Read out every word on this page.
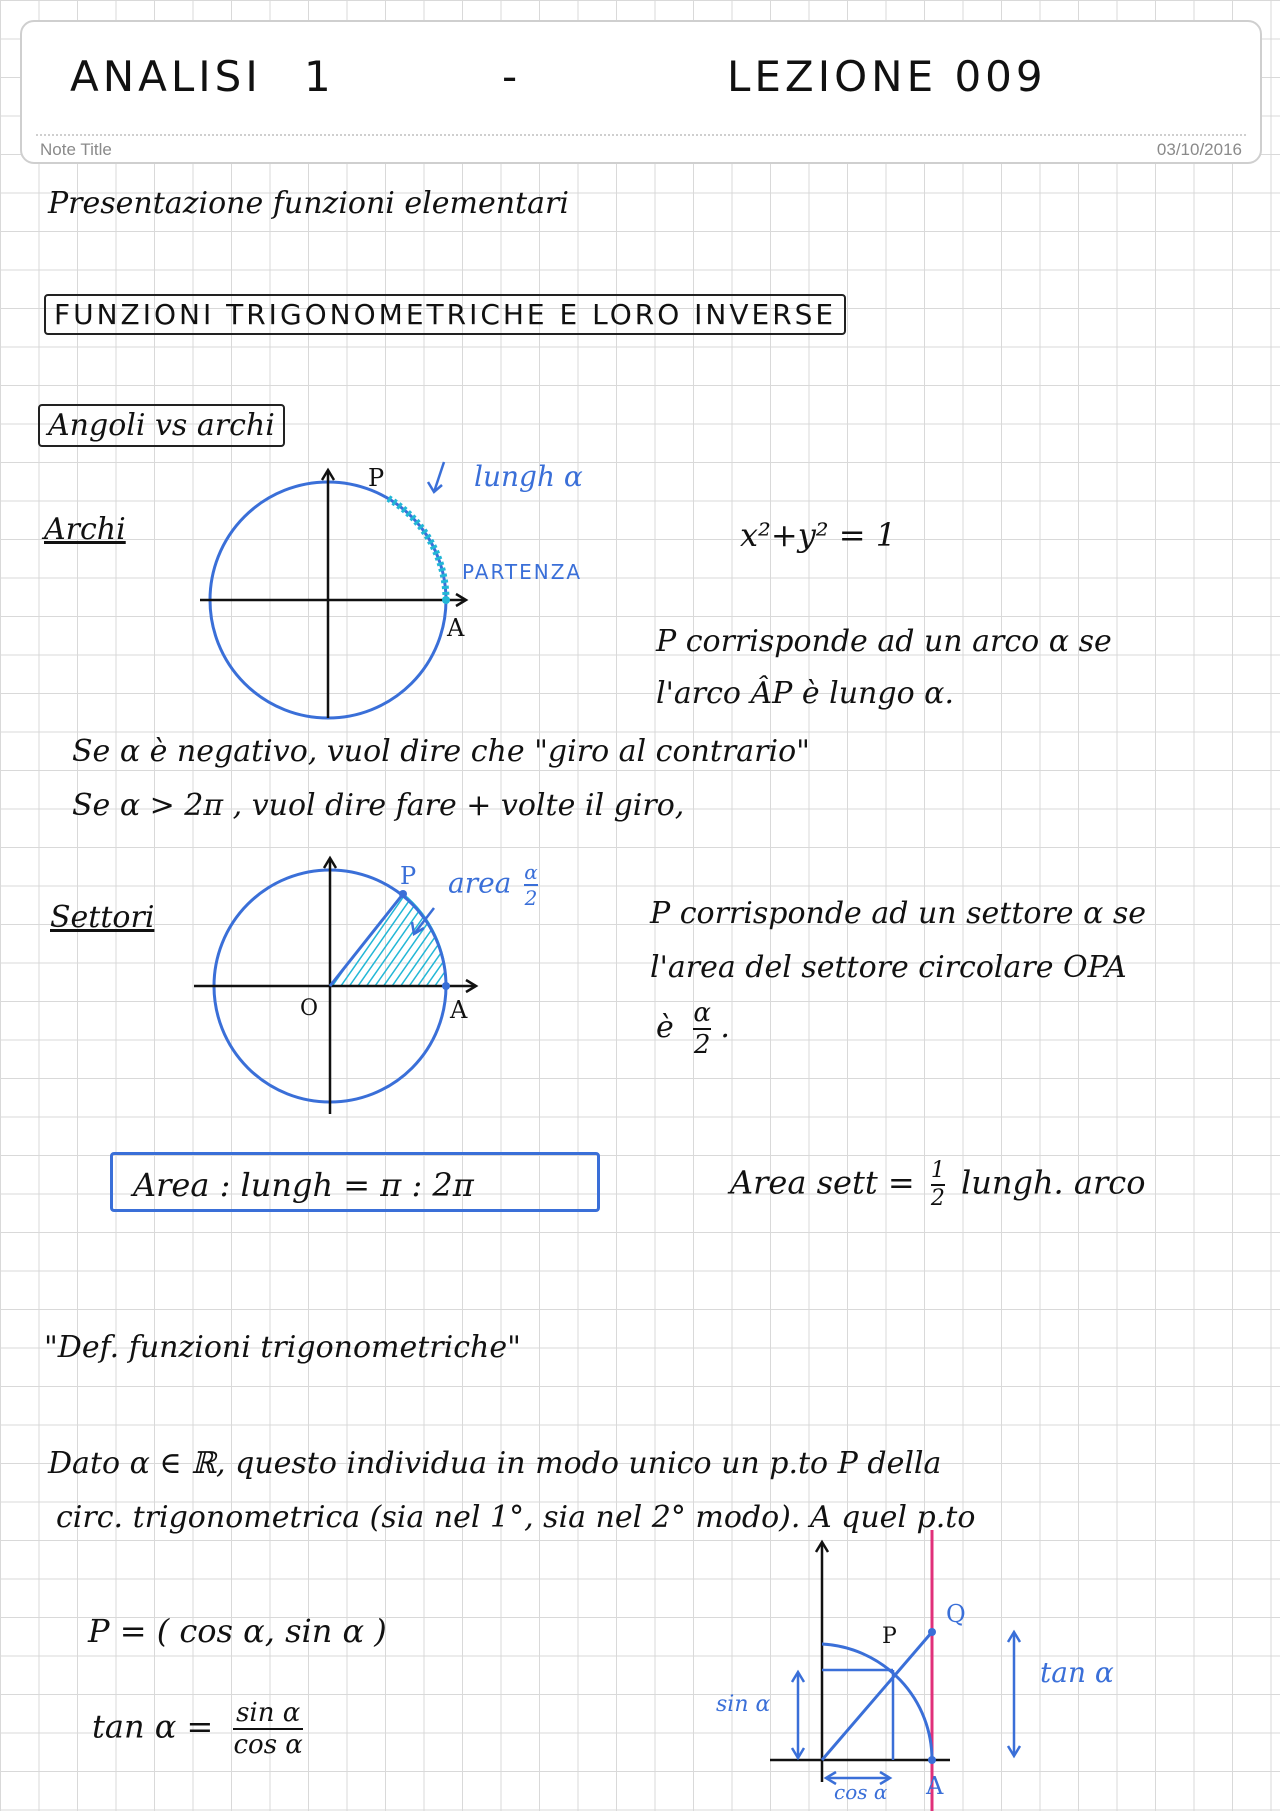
ANALISI 1	-	LEZIONE 009
Note Title	03/10/2016
Presentazione funzioni elementari
FUNZIONI TRIGONOMETRICHE E LORO INVERSE
Angoli vs archi
Archi
P
A
lungh α
PARTENZA
x²+y² = 1
P corrisponde ad un arco α se
l'arco ÂP è lungo α.
Se α è negativo, vuol dire che "giro al contrario"
Se α > 2π , vuol dire fare + volte il giro,
Settori
P
O	A
area $\frac{\alpha}{2}$
P corrisponde ad un settore α se
l'area del settore circolare OPA
è $\frac{\alpha}{2}$ .
Area : lungh = π : 2π	Area sett = $\frac{1}{2}$ lungh. arco
"Def. funzioni trigonometriche"
Dato α ∈ ℝ, questo individua in modo unico un p.to P della
circ. trigonometrica (sia nel 1°, sia nel 2° modo). A quel p.to
P = ( cos α, sin α )
$\tan \alpha = \frac{\text{sin α}}{\text{cos α}}$
P
Q
A
sin α
cos α
tan α
